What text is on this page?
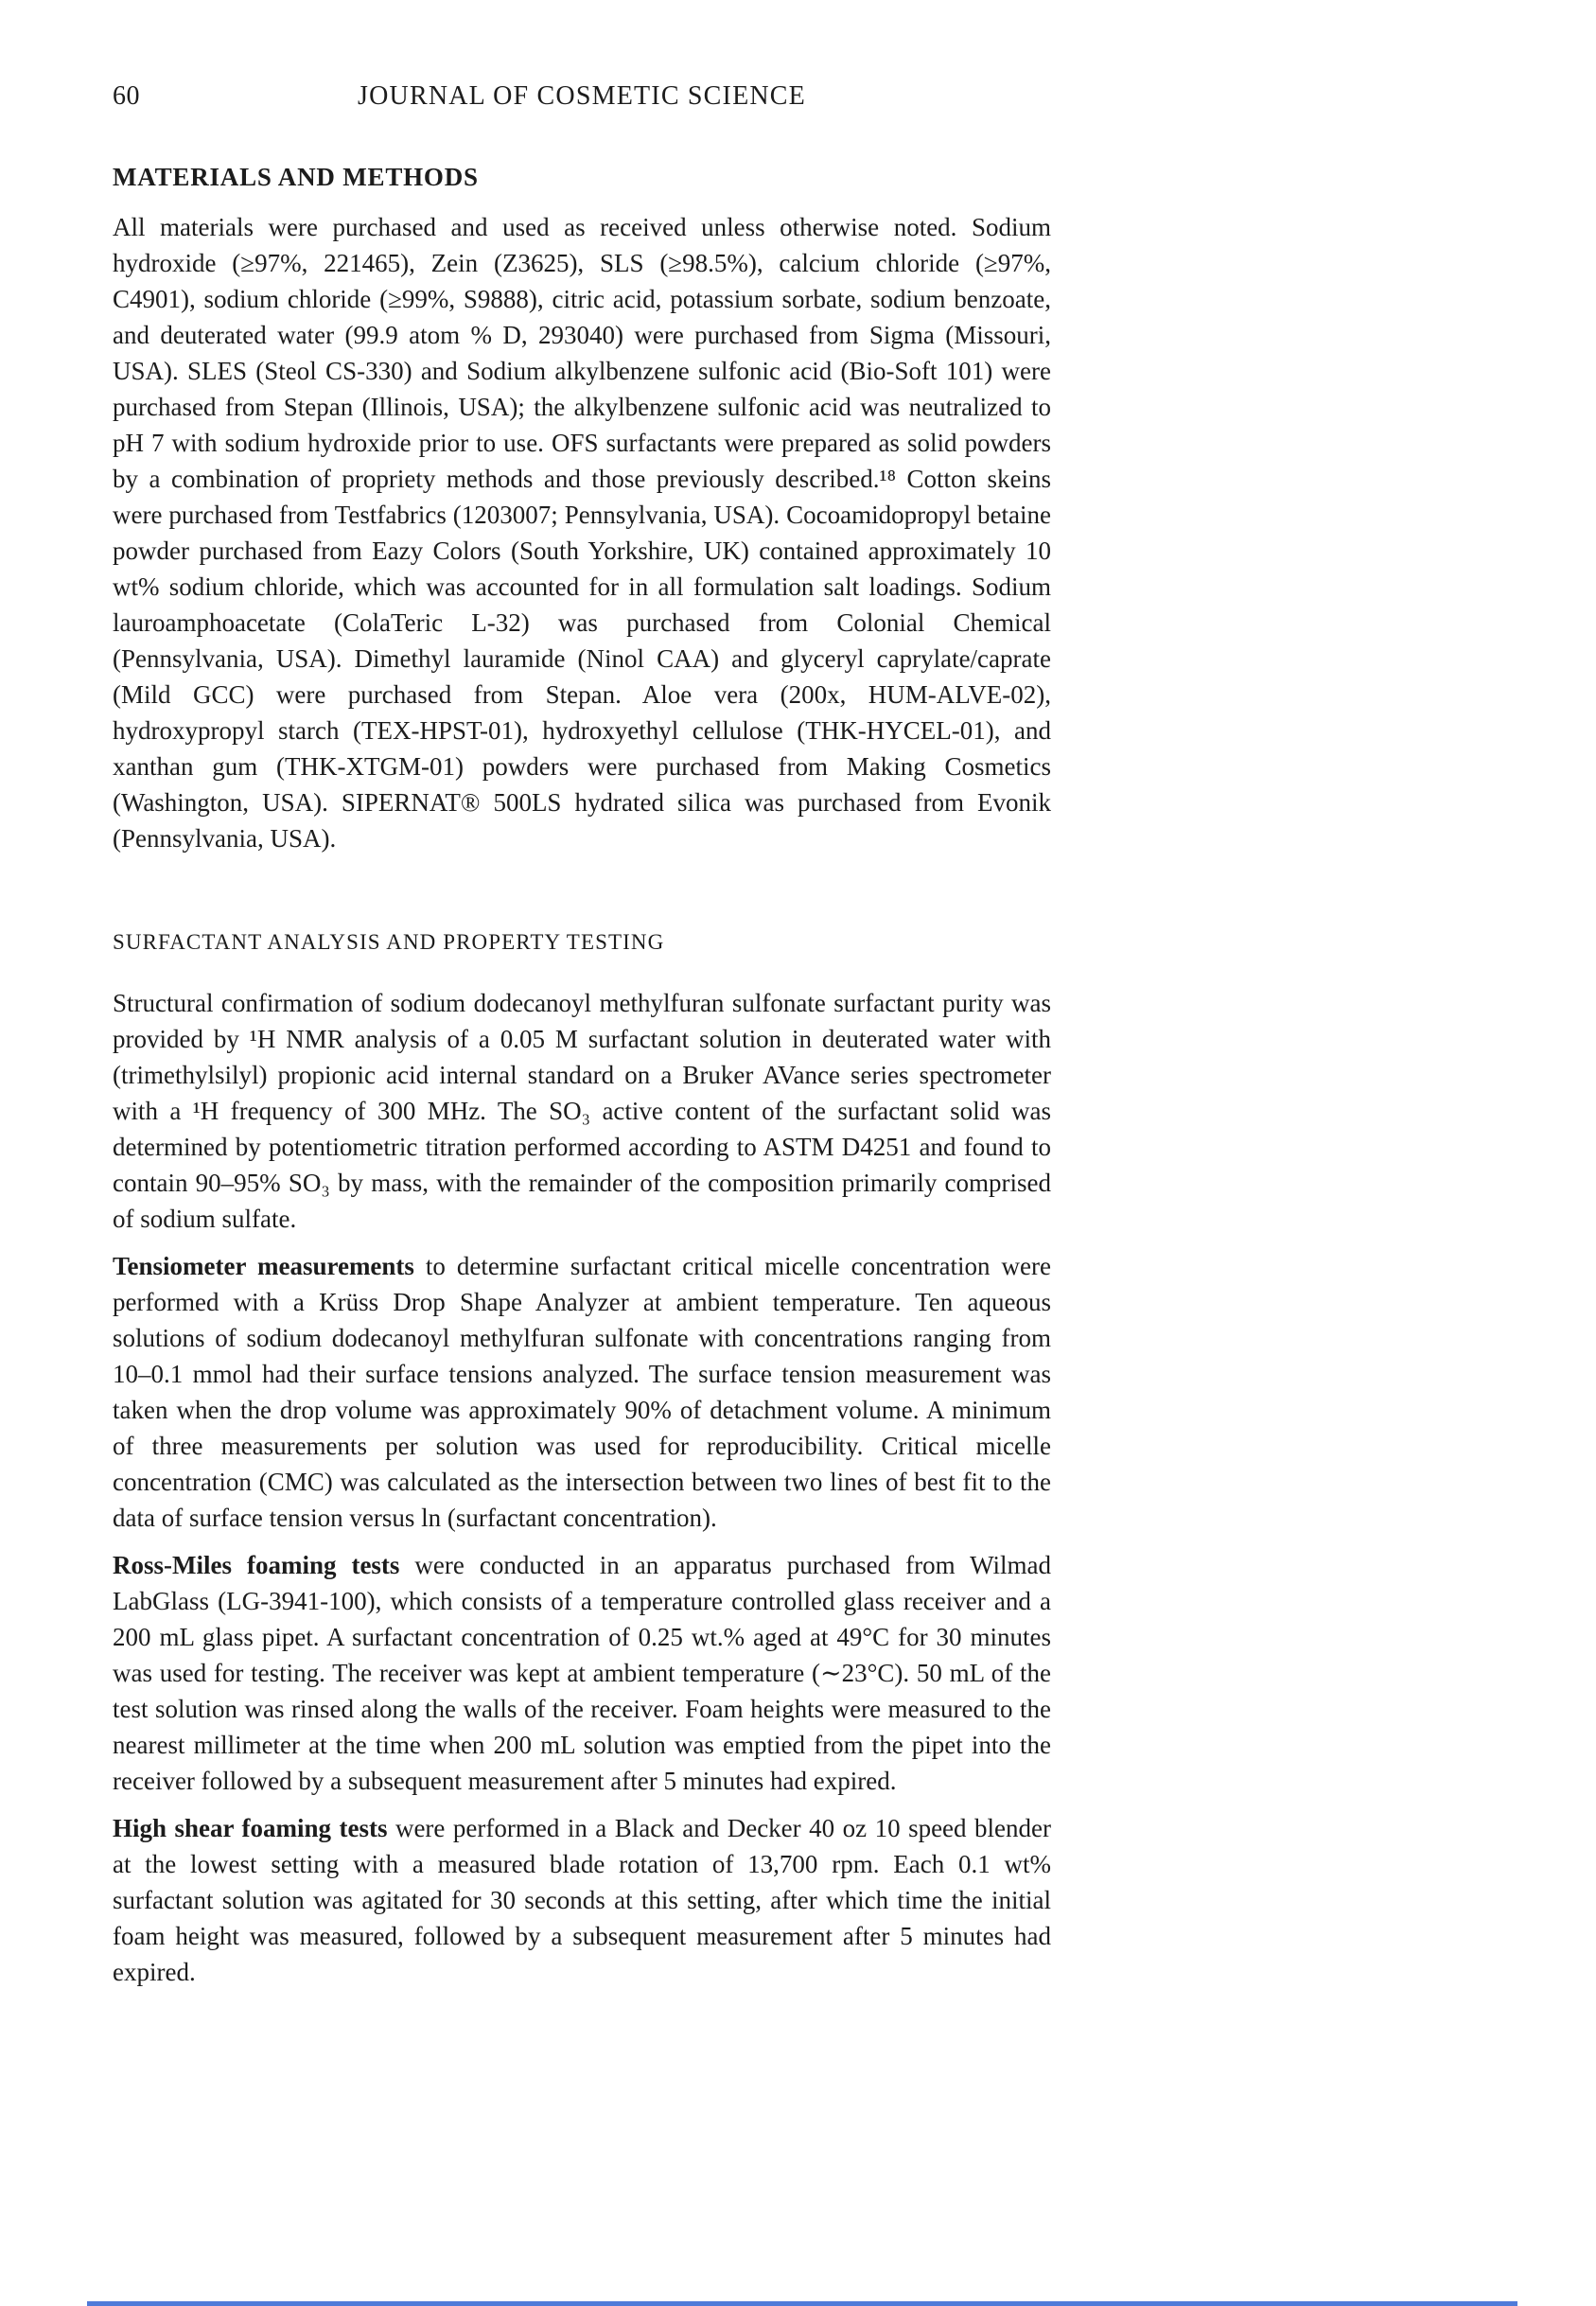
60	JOURNAL OF COSMETIC SCIENCE
MATERIALS AND METHODS

All materials were purchased and used as received unless otherwise noted. Sodium hydroxide (≥97%, 221465), Zein (Z3625), SLS (≥98.5%), calcium chloride (≥97%, C4901), sodium chloride (≥99%, S9888), citric acid, potassium sorbate, sodium benzoate, and deuterated water (99.9 atom % D, 293040) were purchased from Sigma (Missouri, USA). SLES (Steol CS-330) and Sodium alkylbenzene sulfonic acid (Bio-Soft 101) were purchased from Stepan (Illinois, USA); the alkylbenzene sulfonic acid was neutralized to pH 7 with sodium hydroxide prior to use. OFS surfactants were prepared as solid powders by a combination of propriety methods and those previously described.¹⁸ Cotton skeins were purchased from Testfabrics (1203007; Pennsylvania, USA). Cocoamidopropyl betaine powder purchased from Eazy Colors (South Yorkshire, UK) contained approximately 10 wt% sodium chloride, which was accounted for in all formulation salt loadings. Sodium lauroamphoacetate (ColaTeric L-32) was purchased from Colonial Chemical (Pennsylvania, USA). Dimethyl lauramide (Ninol CAA) and glyceryl caprylate/caprate (Mild GCC) were purchased from Stepan. Aloe vera (200x, HUM-ALVE-02), hydroxypropyl starch (TEX-HPST-01), hydroxyethyl cellulose (THK-HYCEL-01), and xanthan gum (THK-XTGM-01) powders were purchased from Making Cosmetics (Washington, USA). SIPERNAT® 500LS hydrated silica was purchased from Evonik (Pennsylvania, USA).

SURFACTANT ANALYSIS AND PROPERTY TESTING

Structural confirmation of sodium dodecanoyl methylfuran sulfonate surfactant purity was provided by ¹H NMR analysis of a 0.05 M surfactant solution in deuterated water with (trimethylsilyl) propionic acid internal standard on a Bruker AVance series spectrometer with a ¹H frequency of 300 MHz. The SO₃ active content of the surfactant solid was determined by potentiometric titration performed according to ASTM D4251 and found to contain 90–95% SO₃ by mass, with the remainder of the composition primarily comprised of sodium sulfate.

Tensiometer measurements to determine surfactant critical micelle concentration were performed with a Krüss Drop Shape Analyzer at ambient temperature. Ten aqueous solutions of sodium dodecanoyl methylfuran sulfonate with concentrations ranging from 10–0.1 mmol had their surface tensions analyzed. The surface tension measurement was taken when the drop volume was approximately 90% of detachment volume. A minimum of three measurements per solution was used for reproducibility. Critical micelle concentration (CMC) was calculated as the intersection between two lines of best fit to the data of surface tension versus ln (surfactant concentration).

Ross-Miles foaming tests were conducted in an apparatus purchased from Wilmad LabGlass (LG-3941-100), which consists of a temperature controlled glass receiver and a 200 mL glass pipet. A surfactant concentration of 0.25 wt.% aged at 49°C for 30 minutes was used for testing. The receiver was kept at ambient temperature (∼23°C). 50 mL of the test solution was rinsed along the walls of the receiver. Foam heights were measured to the nearest millimeter at the time when 200 mL solution was emptied from the pipet into the receiver followed by a subsequent measurement after 5 minutes had expired.

High shear foaming tests were performed in a Black and Decker 40 oz 10 speed blender at the lowest setting with a measured blade rotation of 13,700 rpm. Each 0.1 wt% surfactant solution was agitated for 30 seconds at this setting, after which time the initial foam height was measured, followed by a subsequent measurement after 5 minutes had expired.
